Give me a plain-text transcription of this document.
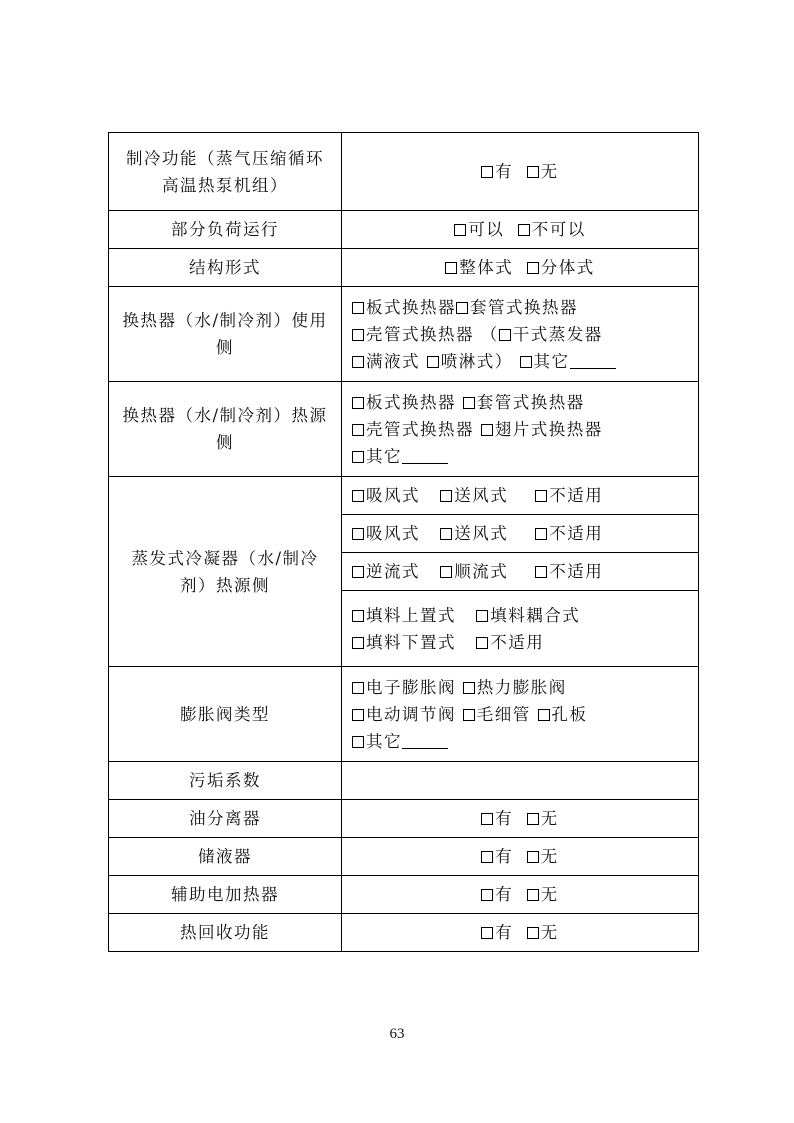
制冷功能（蒸气压缩循环
高温热泵机组）	有 无

部分负荷运行	可以 不可以

结构形式	整体式 分体式

换热器（水/制冷剂）使用
侧	板式换热器 套管式换热器
壳管式换热器 （ 干式蒸发器
满液式 喷淋式） 其它

换热器（水/制冷剂）热源
侧	板式换热器 套管式换热器
壳管式换热器 翅片式换热器
其它

蒸发式冷凝器（水/制冷
剂）热源侧	吸风式 送风式 不适用

	吸风式 送风式 不适用

	逆流式 顺流式 不适用

	填料上置式 填料耦合式
填料下置式 不适用

膨胀阀类型	电子膨胀阀 热力膨胀阀
电动调节阀 毛细管 孔板
其它

污垢系数	

油分离器	有 无

储液器	有 无

辅助电加热器	有 无

热回收功能	有 无
63
